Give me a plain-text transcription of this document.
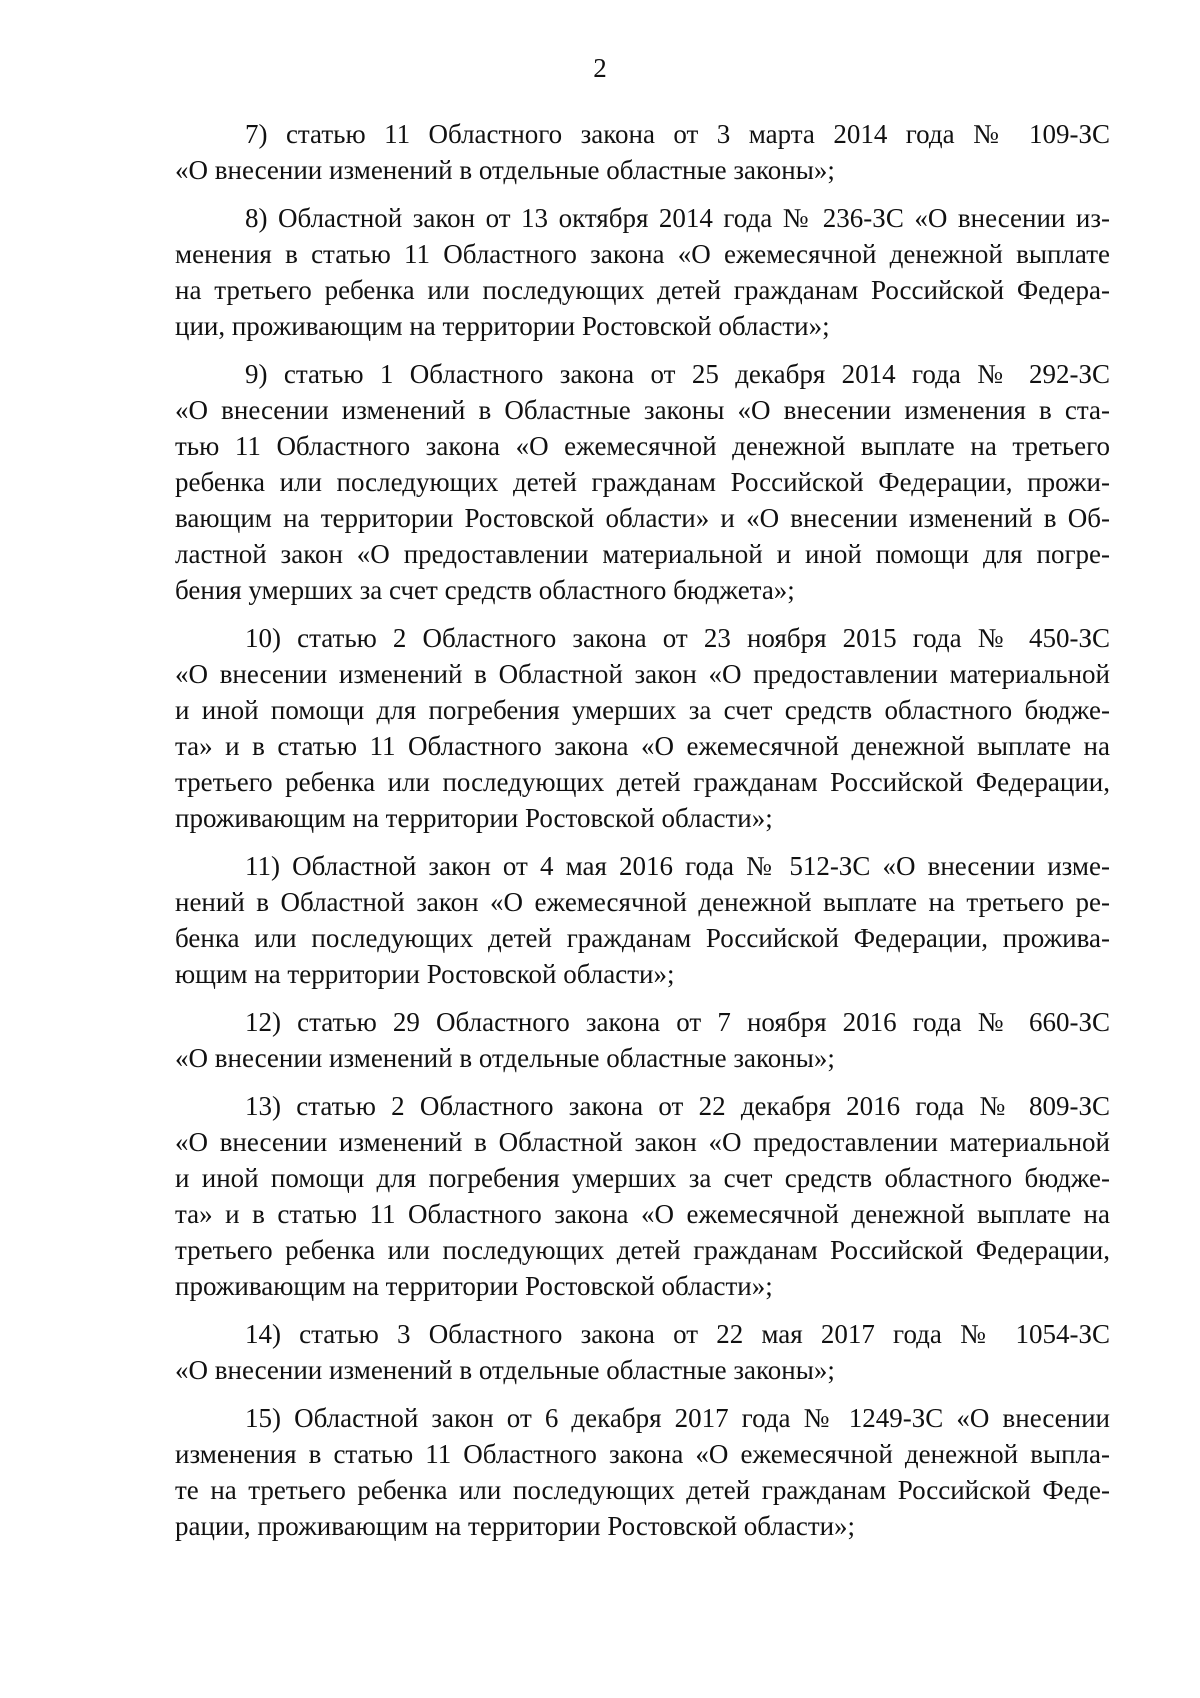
2

7) статью 11 Областного закона от 3 марта 2014 года № 109-ЗС
«О внесении изменений в отдельные областные законы»;

8) Областной закон от 13 октября 2014 года № 236-ЗС «О внесении из-
менения в статью 11 Областного закона «О ежемесячной денежной выплате
на третьего ребенка или последующих детей гражданам Российской Федера-
ции, проживающим на территории Ростовской области»;

9) статью 1 Областного закона от 25 декабря 2014 года № 292-ЗС
«О внесении изменений в Областные законы «О внесении изменения в ста-
тью 11 Областного закона «О ежемесячной денежной выплате на третьего
ребенка или последующих детей гражданам Российской Федерации, прожи-
вающим на территории Ростовской области» и «О внесении изменений в Об-
ластной закон «О предоставлении материальной и иной помощи для погре-
бения умерших за счет средств областного бюджета»;

10) статью 2 Областного закона от 23 ноября 2015 года № 450-ЗС
«О внесении изменений в Областной закон «О предоставлении материальной
и иной помощи для погребения умерших за счет средств областного бюдже-
та» и в статью 11 Областного закона «О ежемесячной денежной выплате на
третьего ребенка или последующих детей гражданам Российской Федерации,
проживающим на территории Ростовской области»;

11) Областной закон от 4 мая 2016 года № 512-ЗС «О внесении изме-
нений в Областной закон «О ежемесячной денежной выплате на третьего ре-
бенка или последующих детей гражданам Российской Федерации, прожива-
ющим на территории Ростовской области»;

12) статью 29 Областного закона от 7 ноября 2016 года № 660-ЗС
«О внесении изменений в отдельные областные законы»;

13) статью 2 Областного закона от 22 декабря 2016 года № 809-ЗС
«О внесении изменений в Областной закон «О предоставлении материальной
и иной помощи для погребения умерших за счет средств областного бюдже-
та» и в статью 11 Областного закона «О ежемесячной денежной выплате на
третьего ребенка или последующих детей гражданам Российской Федерации,
проживающим на территории Ростовской области»;

14) статью 3 Областного закона от 22 мая 2017 года № 1054-ЗС
«О внесении изменений в отдельные областные законы»;

15) Областной закон от 6 декабря 2017 года № 1249-ЗС «О внесении
изменения в статью 11 Областного закона «О ежемесячной денежной выпла-
те на третьего ребенка или последующих детей гражданам Российской Феде-
рации, проживающим на территории Ростовской области»;
